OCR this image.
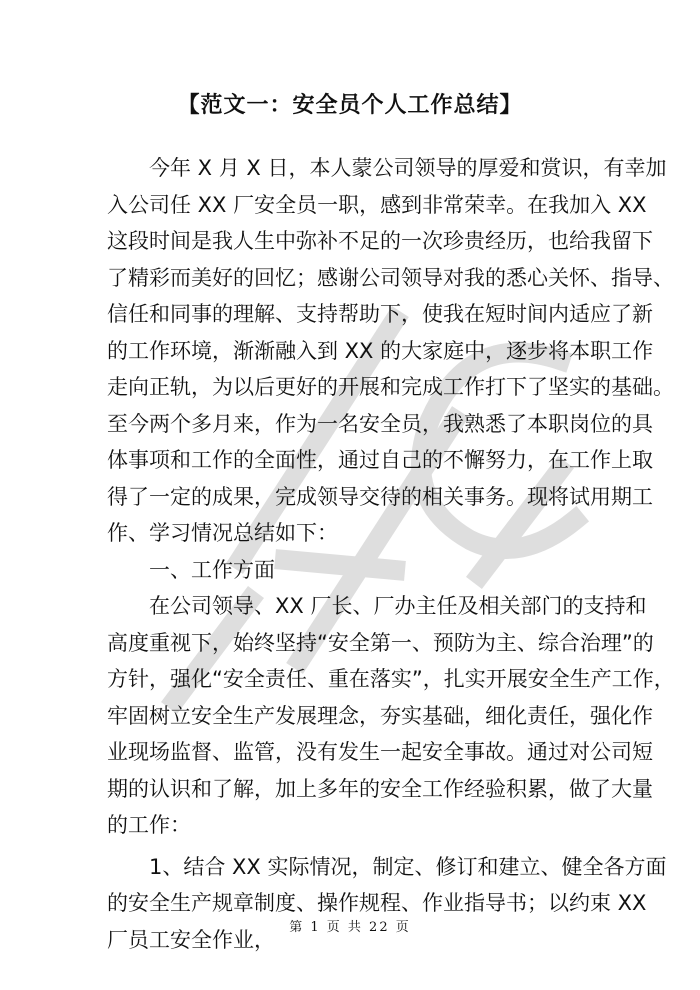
【范文一：安全员个人工作总结】
今年 X 月 X 日，本人蒙公司领导的厚爱和赏识，有幸加
入公司任 XX 厂安全员一职，感到非常荣幸。在我加入 XX
这段时间是我人生中弥补不足的一次珍贵经历，也给我留下
了精彩而美好的回忆；感谢公司领导对我的悉心关怀、指导、
信任和同事的理解、支持帮助下，使我在短时间内适应了新
的工作环境，渐渐融入到 XX 的大家庭中，逐步将本职工作
走向正轨，为以后更好的开展和完成工作打下了坚实的基础。
至今两个多月来，作为一名安全员，我熟悉了本职岗位的具
体事项和工作的全面性，通过自己的不懈努力，在工作上取
得了一定的成果，完成领导交待的相关事务。现将试用期工
作、学习情况总结如下：
一、工作方面
在公司领导、XX 厂长、厂办主任及相关部门的支持和
高度重视下，始终坚持“安全第一、预防为主、综合治理”的
方针，强化“安全责任、重在落实”，扎实开展安全生产工作，
牢固树立安全生产发展理念，夯实基础，细化责任，强化作
业现场监督、监管，没有发生一起安全事故。通过对公司短
期的认识和了解，加上多年的安全工作经验积累，做了大量
的工作：
1、结合 XX 实际情况，制定、修订和建立、健全各方面
的安全生产规章制度、操作规程、作业指导书；以约束 XX
厂员工安全作业，	第 1 页 共 22 页
